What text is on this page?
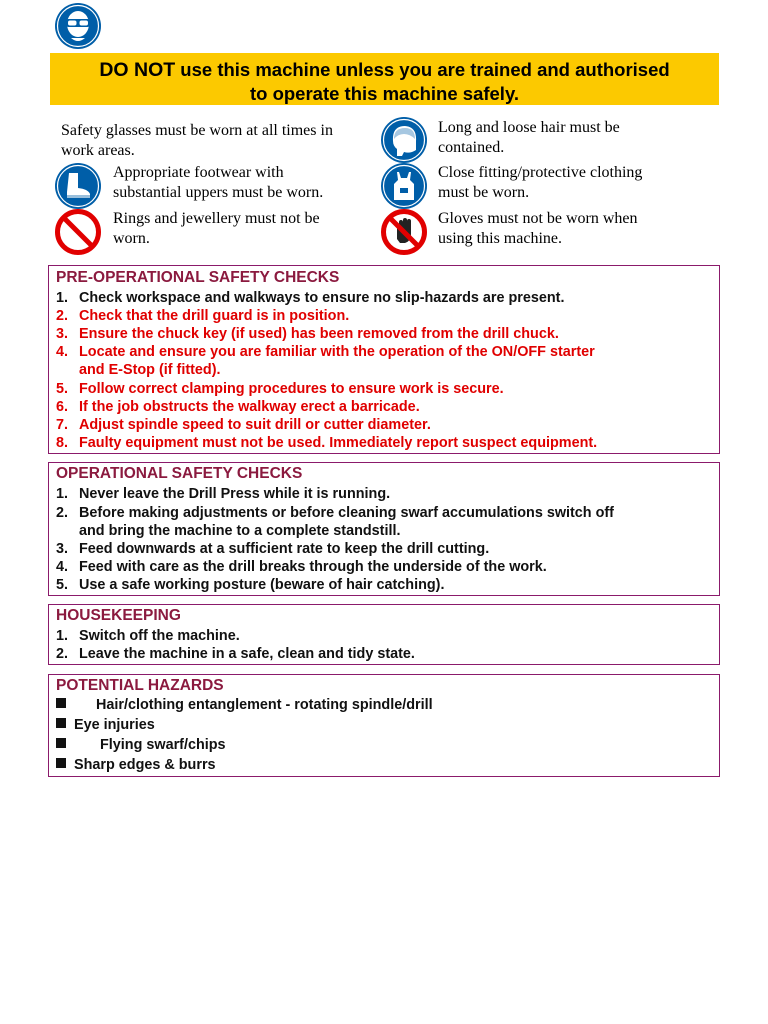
DO NOT use this machine unless you are trained and authorised
to operate this machine safely.
Safety glasses must be worn at all times in
work areas.
Long and loose hair must be
contained.
Appropriate footwear with
substantial uppers must be worn.
Close fitting/protective clothing
must be worn.
Rings and jewellery must not be
worn.
Gloves must not be worn when
using this machine.
PRE-OPERATIONAL SAFETY CHECKS
1. Check workspace and walkways to ensure no slip-hazards are present.
2. Check that the drill guard is in position.
3. Ensure the chuck key (if used) has been removed from the drill chuck.
4. Locate and ensure you are familiar with the operation of the ON/OFF starter
and E-Stop (if fitted).
5. Follow correct clamping procedures to ensure work is secure.
6. If the job obstructs the walkway erect a barricade.
7. Adjust spindle speed to suit drill or cutter diameter.
8. Faulty equipment must not be used. Immediately report suspect equipment.
OPERATIONAL SAFETY CHECKS
1. Never leave the Drill Press while it is running.
2. Before making adjustments or before cleaning swarf accumulations switch off
and bring the machine to a complete standstill.
3. Feed downwards at a sufficient rate to keep the drill cutting.
4. Feed with care as the drill breaks through the underside of the work.
5. Use a safe working posture (beware of hair catching).
HOUSEKEEPING
1. Switch off the machine.
2. Leave the machine in a safe, clean and tidy state.
POTENTIAL HAZARDS
Hair/clothing entanglement - rotating spindle/drill
Eye injuries
Flying swarf/chips
Sharp edges & burrs
